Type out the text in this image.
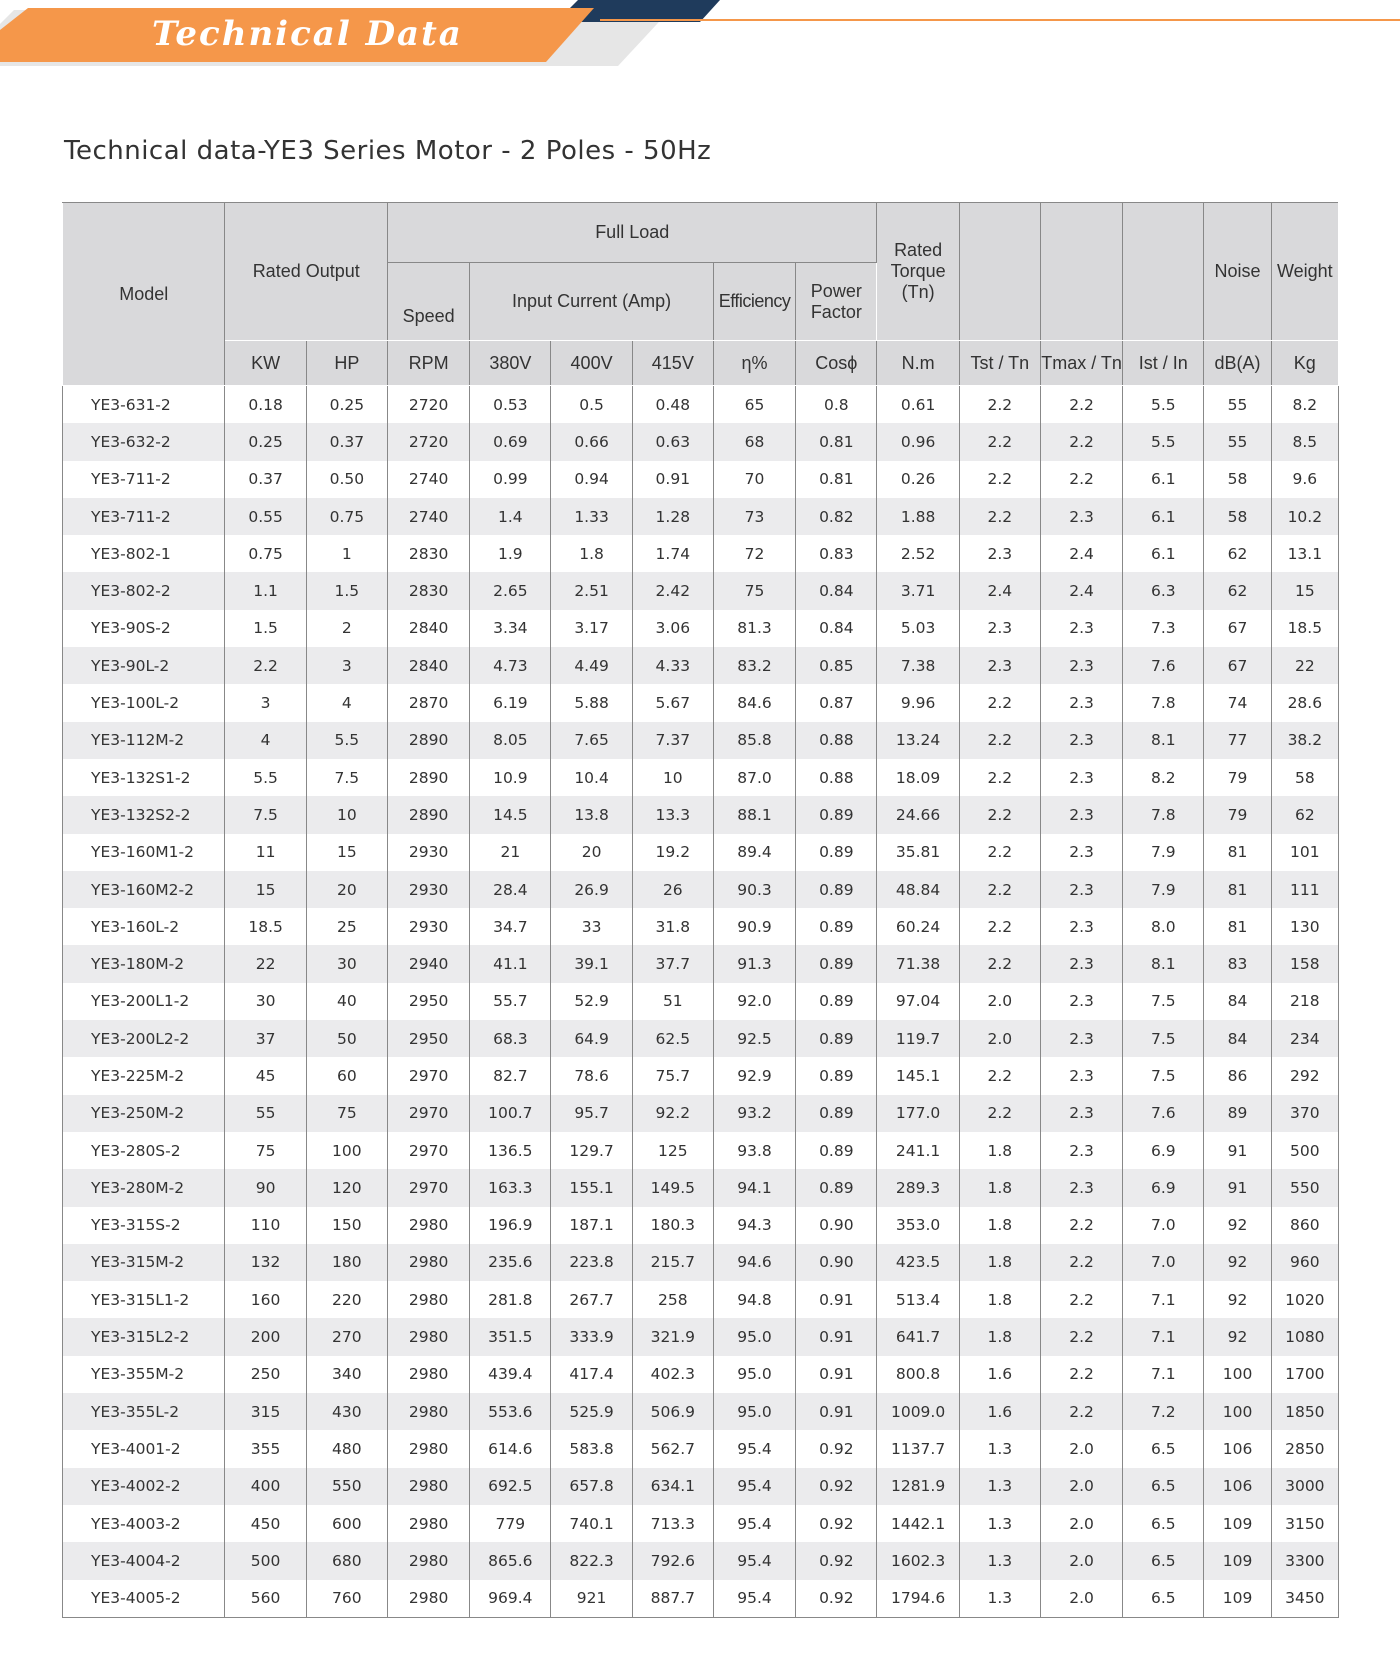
Technical Data
Technical data-YE3 Series Motor - 2 Poles - 50Hz
Model	Rated Output		Full Load						Rated
Torque
(Tn)				Noise	Weight
			Speed	Input Current (Amp)			Efficiency	Power
Factor						
	KW	HP	RPM	380V	400V	415V	η%	Cosϕ	N.m	Tst / Tn	Tmax / Tn	Ist / In	dB(A)	Kg
YE3-631-2	0.18	0.25	2720	0.53	0.5	0.48	65	0.8	0.61	2.2	2.2	5.5	55	8.2
YE3-632-2	0.25	0.37	2720	0.69	0.66	0.63	68	0.81	0.96	2.2	2.2	5.5	55	8.5
YE3-711-2	0.37	0.50	2740	0.99	0.94	0.91	70	0.81	0.26	2.2	2.2	6.1	58	9.6
YE3-711-2	0.55	0.75	2740	1.4	1.33	1.28	73	0.82	1.88	2.2	2.3	6.1	58	10.2
YE3-802-1	0.75	1	2830	1.9	1.8	1.74	72	0.83	2.52	2.3	2.4	6.1	62	13.1
YE3-802-2	1.1	1.5	2830	2.65	2.51	2.42	75	0.84	3.71	2.4	2.4	6.3	62	15
YE3-90S-2	1.5	2	2840	3.34	3.17	3.06	81.3	0.84	5.03	2.3	2.3	7.3	67	18.5
YE3-90L-2	2.2	3	2840	4.73	4.49	4.33	83.2	0.85	7.38	2.3	2.3	7.6	67	22
YE3-100L-2	3	4	2870	6.19	5.88	5.67	84.6	0.87	9.96	2.2	2.3	7.8	74	28.6
YE3-112M-2	4	5.5	2890	8.05	7.65	7.37	85.8	0.88	13.24	2.2	2.3	8.1	77	38.2
YE3-132S1-2	5.5	7.5	2890	10.9	10.4	10	87.0	0.88	18.09	2.2	2.3	8.2	79	58
YE3-132S2-2	7.5	10	2890	14.5	13.8	13.3	88.1	0.89	24.66	2.2	2.3	7.8	79	62
YE3-160M1-2	11	15	2930	21	20	19.2	89.4	0.89	35.81	2.2	2.3	7.9	81	101
YE3-160M2-2	15	20	2930	28.4	26.9	26	90.3	0.89	48.84	2.2	2.3	7.9	81	111
YE3-160L-2	18.5	25	2930	34.7	33	31.8	90.9	0.89	60.24	2.2	2.3	8.0	81	130
YE3-180M-2	22	30	2940	41.1	39.1	37.7	91.3	0.89	71.38	2.2	2.3	8.1	83	158
YE3-200L1-2	30	40	2950	55.7	52.9	51	92.0	0.89	97.04	2.0	2.3	7.5	84	218
YE3-200L2-2	37	50	2950	68.3	64.9	62.5	92.5	0.89	119.7	2.0	2.3	7.5	84	234
YE3-225M-2	45	60	2970	82.7	78.6	75.7	92.9	0.89	145.1	2.2	2.3	7.5	86	292
YE3-250M-2	55	75	2970	100.7	95.7	92.2	93.2	0.89	177.0	2.2	2.3	7.6	89	370
YE3-280S-2	75	100	2970	136.5	129.7	125	93.8	0.89	241.1	1.8	2.3	6.9	91	500
YE3-280M-2	90	120	2970	163.3	155.1	149.5	94.1	0.89	289.3	1.8	2.3	6.9	91	550
YE3-315S-2	110	150	2980	196.9	187.1	180.3	94.3	0.90	353.0	1.8	2.2	7.0	92	860
YE3-315M-2	132	180	2980	235.6	223.8	215.7	94.6	0.90	423.5	1.8	2.2	7.0	92	960
YE3-315L1-2	160	220	2980	281.8	267.7	258	94.8	0.91	513.4	1.8	2.2	7.1	92	1020
YE3-315L2-2	200	270	2980	351.5	333.9	321.9	95.0	0.91	641.7	1.8	2.2	7.1	92	1080
YE3-355M-2	250	340	2980	439.4	417.4	402.3	95.0	0.91	800.8	1.6	2.2	7.1	100	1700
YE3-355L-2	315	430	2980	553.6	525.9	506.9	95.0	0.91	1009.0	1.6	2.2	7.2	100	1850
YE3-4001-2	355	480	2980	614.6	583.8	562.7	95.4	0.92	1137.7	1.3	2.0	6.5	106	2850
YE3-4002-2	400	550	2980	692.5	657.8	634.1	95.4	0.92	1281.9	1.3	2.0	6.5	106	3000
YE3-4003-2	450	600	2980	779	740.1	713.3	95.4	0.92	1442.1	1.3	2.0	6.5	109	3150
YE3-4004-2	500	680	2980	865.6	822.3	792.6	95.4	0.92	1602.3	1.3	2.0	6.5	109	3300
YE3-4005-2	560	760	2980	969.4	921	887.7	95.4	0.92	1794.6	1.3	2.0	6.5	109	3450
